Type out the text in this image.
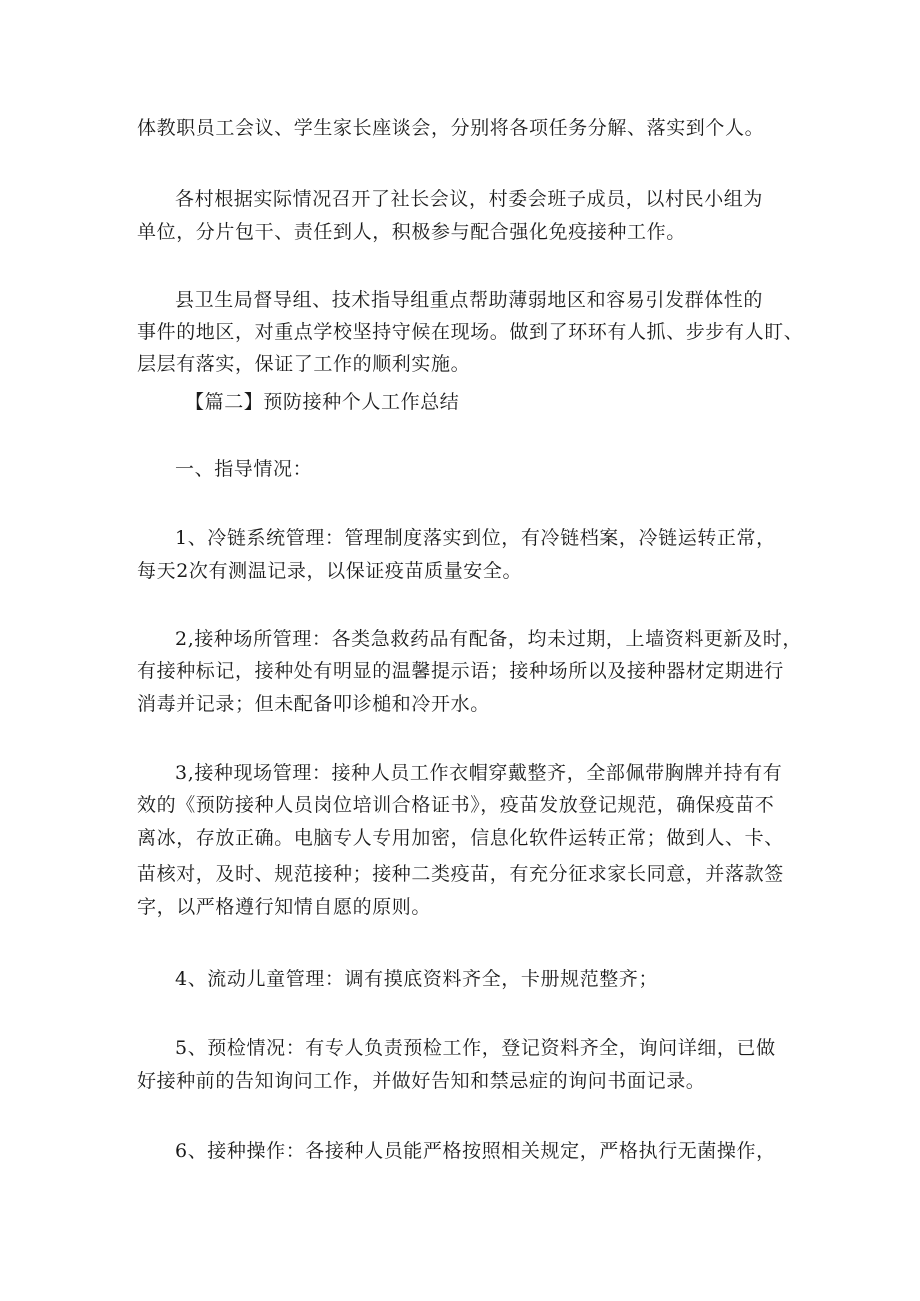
体教职员工会议、学生家长座谈会，分别将各项任务分解、落实到个人。
各村根据实际情况召开了社长会议，村委会班子成员，以村民小组为
单位，分片包干、责任到人，积极参与配合强化免疫接种工作。
县卫生局督导组、技术指导组重点帮助薄弱地区和容易引发群体性的
事件的地区，对重点学校坚持守候在现场。做到了环环有人抓、步步有人盯、
层层有落实，保证了工作的顺利实施。
【篇二】预防接种个人工作总结
一、指导情况：
1、冷链系统管理：管理制度落实到位，有冷链档案，冷链运转正常，
每天2次有测温记录，以保证疫苗质量安全。
2,接种场所管理：各类急救药品有配备，均未过期，上墙资料更新及时，
有接种标记，接种处有明显的温馨提示语；接种场所以及接种器材定期进行
消毒并记录；但未配备叩诊槌和冷开水。
3,接种现场管理：接种人员工作衣帽穿戴整齐，全部佩带胸牌并持有有
效的《预防接种人员岗位培训合格证书》，疫苗发放登记规范，确保疫苗不
离冰，存放正确。电脑专人专用加密，信息化软件运转正常；做到人、卡、
苗核对，及时、规范接种；接种二类疫苗，有充分征求家长同意，并落款签
字，以严格遵行知情自愿的原则。
4、流动儿童管理：调有摸底资料齐全，卡册规范整齐；
5、预检情况：有专人负责预检工作，登记资料齐全，询问详细，已做
好接种前的告知询问工作，并做好告知和禁忌症的询问书面记录。
6、接种操作：各接种人员能严格按照相关规定，严格执行无菌操作，
